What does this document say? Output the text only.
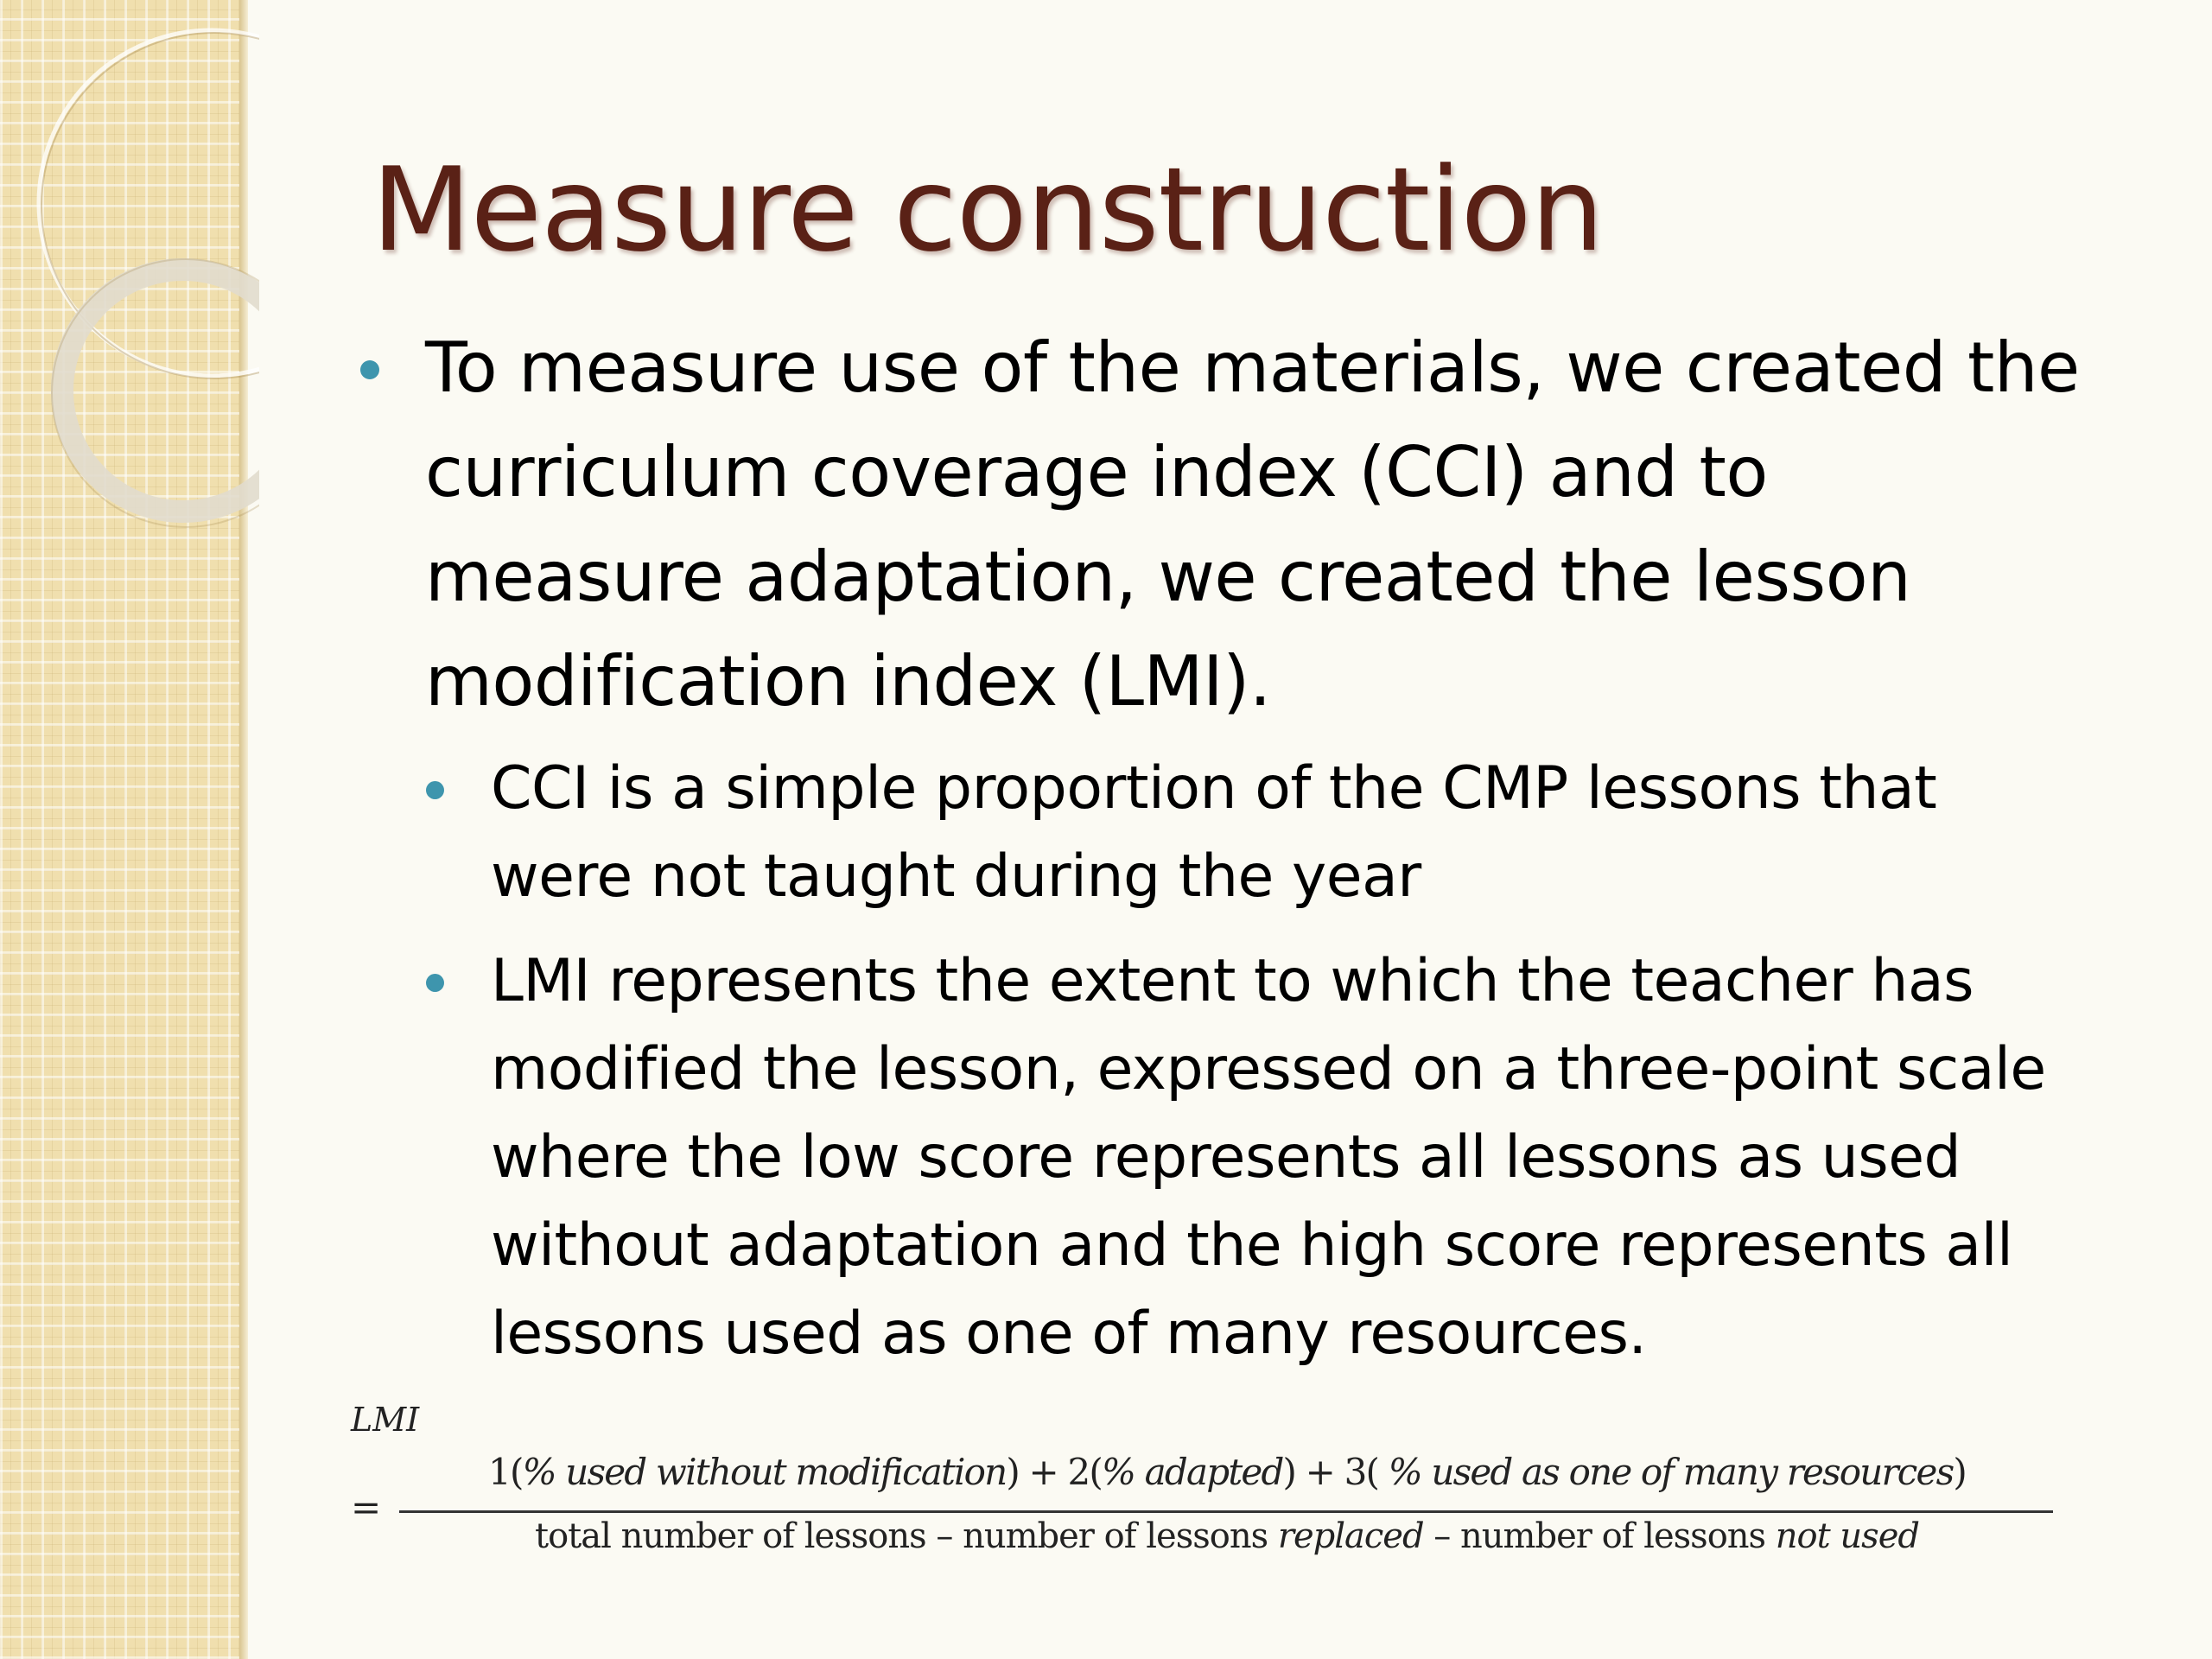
Measure construction
To measure use of the materials, we created the
curriculum coverage index (CCI) and to
measure adaptation, we created the lesson
modification index (LMI).
CCI is a simple proportion of the CMP lessons that
were not taught during the year
LMI represents the extent to which the teacher has
modified the lesson, expressed on a three-point scale
where the low score represents all lessons as used
without adaptation and the high score represents all
lessons used as one of many resources.
LMI
=
1(% used without modification) + 2(% adapted) + 3( % used as one of many resources)
total number of lessons – number of lessons replaced – number of lessons not used
